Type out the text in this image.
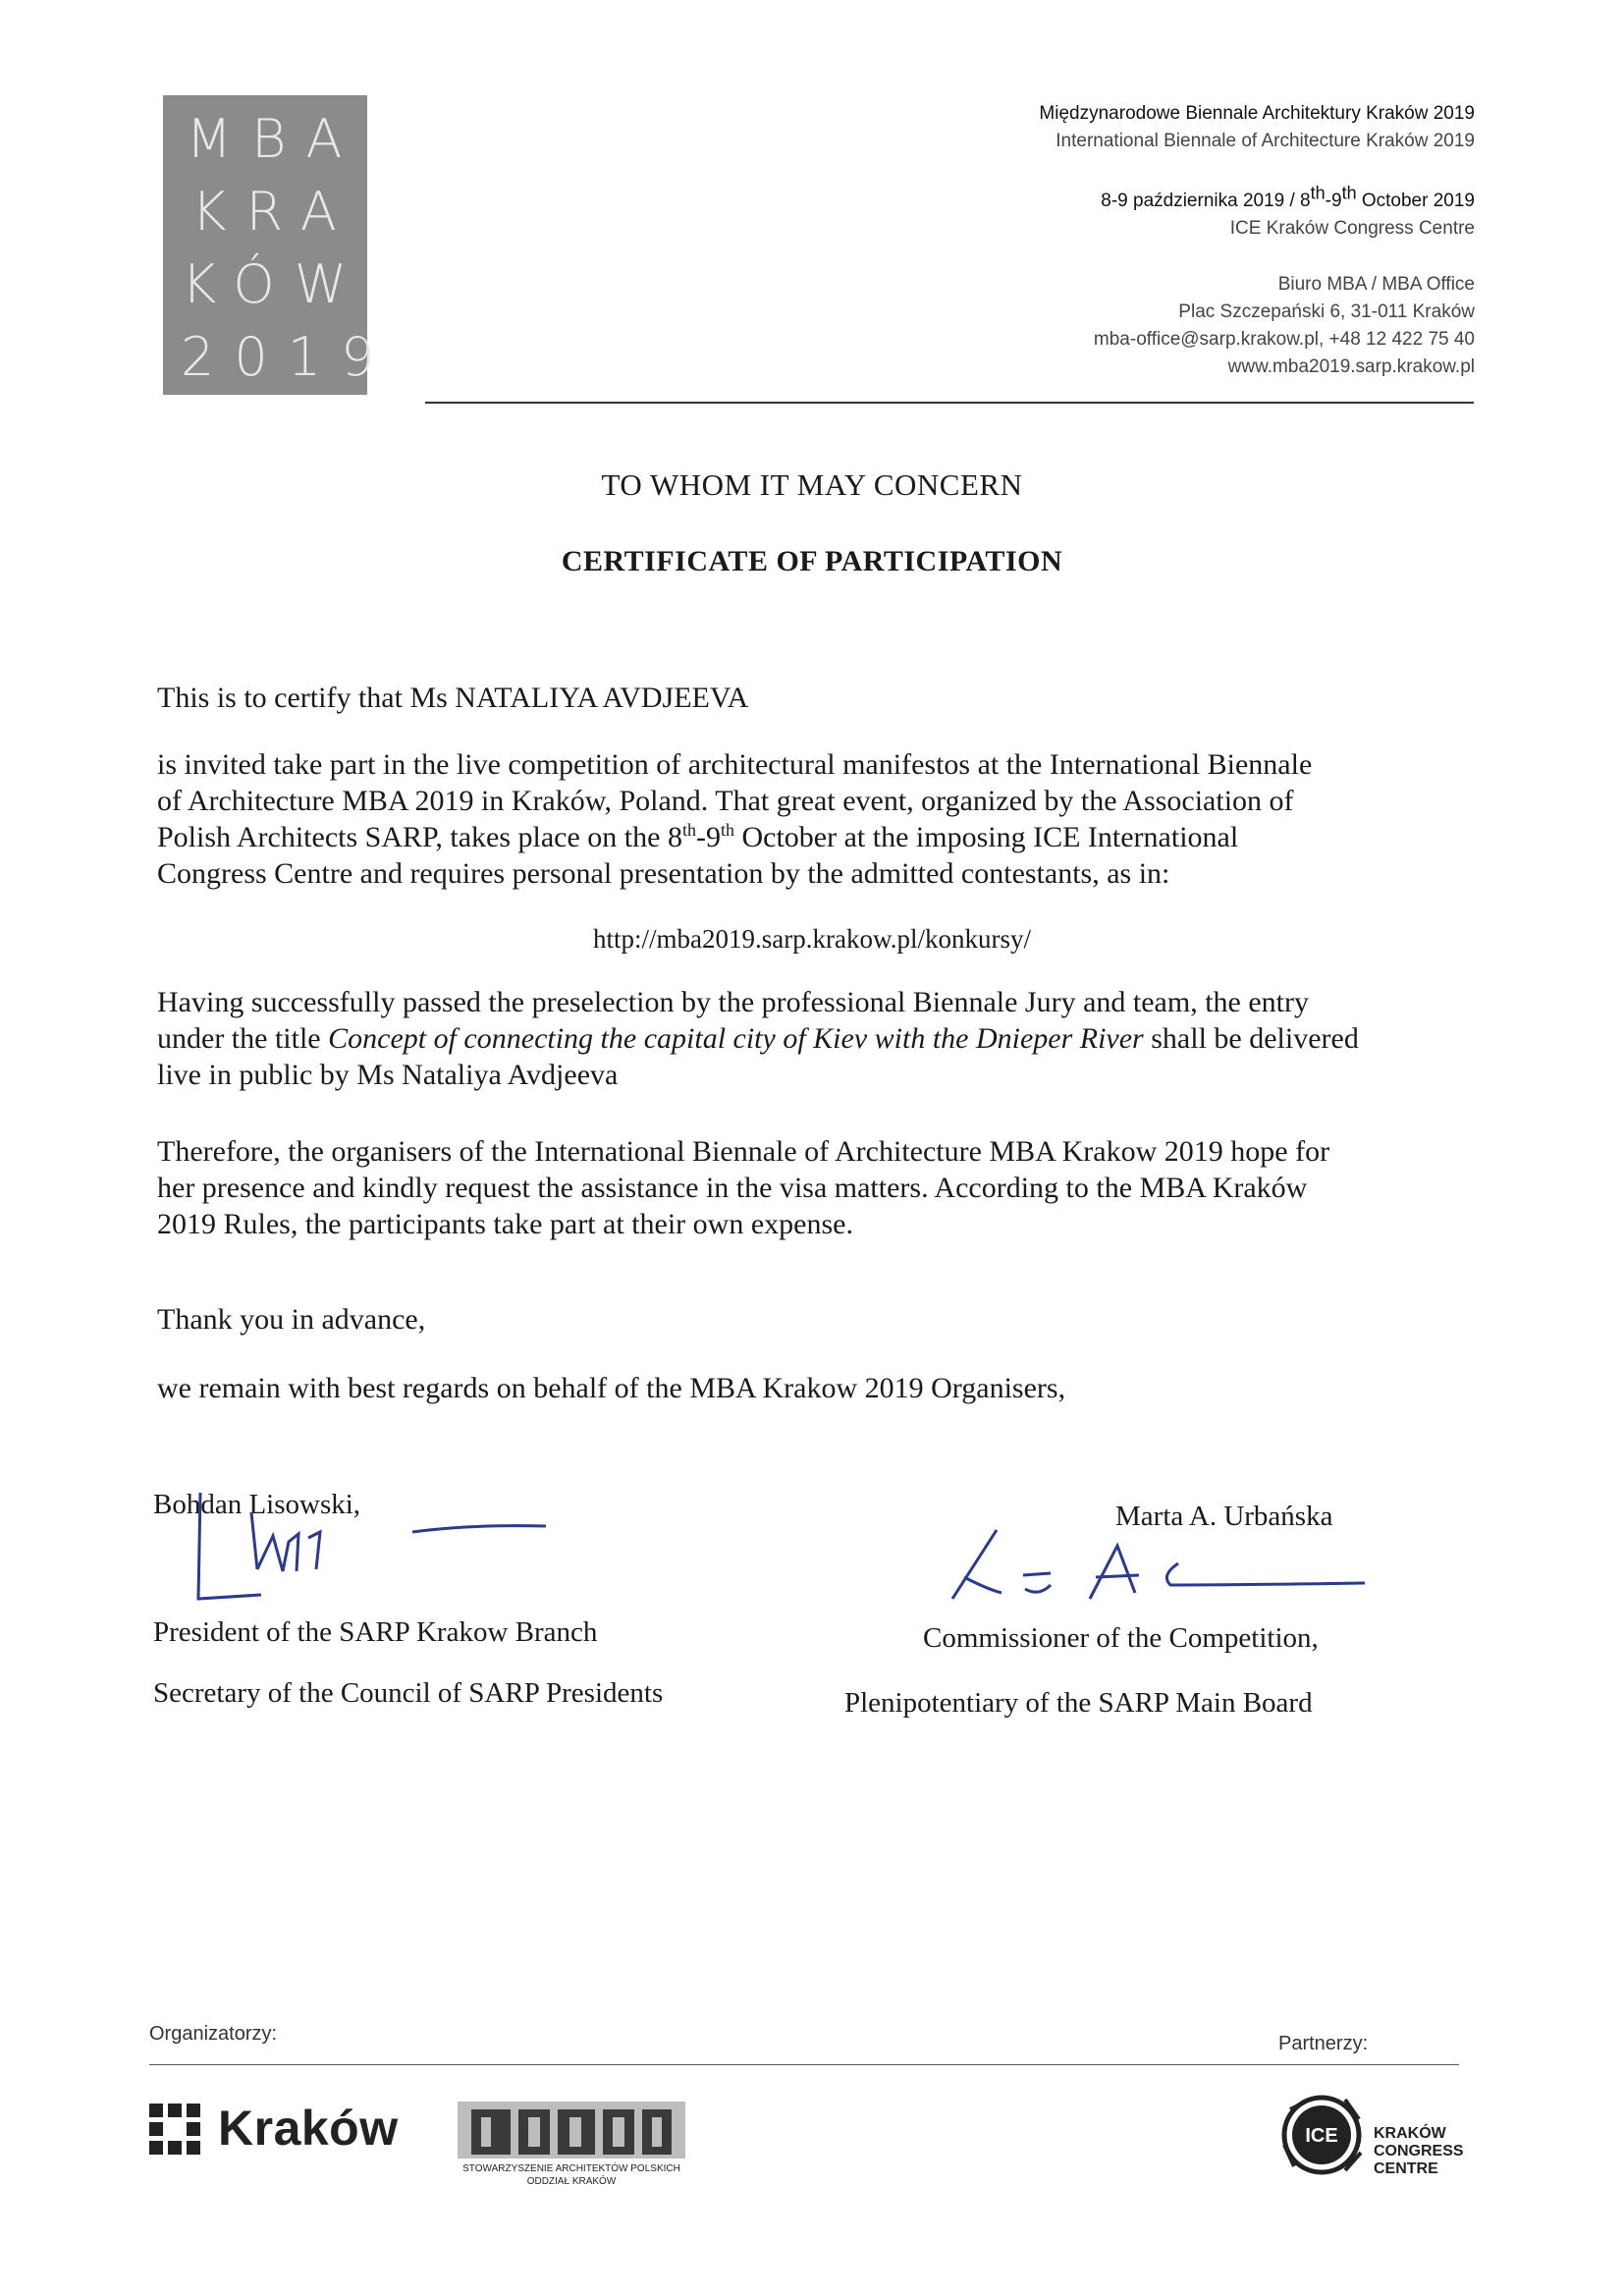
MBA
KRA
KÓW
2019
Międzynarodowe Biennale Architektury Kraków 2019
International Biennale of Architecture Kraków 2019
8-9 października 2019 / 8th-9th October 2019
ICE Kraków Congress Centre
Biuro MBA / MBA Office
Plac Szczepański 6, 31-011 Kraków
mba-office@sarp.krakow.pl, +48 12 422 75 40
www.mba2019.sarp.krakow.pl
TO WHOM IT MAY CONCERN
CERTIFICATE OF PARTICIPATION
This is to certify that Ms NATALIYA AVDJEEVA
is invited take part in the live competition of architectural manifestos at the International Biennale
of Architecture MBA 2019 in Kraków, Poland. That great event, organized by the Association of
Polish Architects SARP, takes place on the 8th-9th October at the imposing ICE International
Congress Centre and requires personal presentation by the admitted contestants, as in:
http://mba2019.sarp.krakow.pl/konkursy/
Having successfully passed the preselection by the professional Biennale Jury and team, the entry
under the title Concept of connecting the capital city of Kiev with the Dnieper River shall be delivered
live in public by Ms Nataliya Avdjeeva
Therefore, the organisers of the International Biennale of Architecture MBA Krakow 2019 hope for
her presence and kindly request the assistance in the visa matters. According to the MBA Kraków
2019 Rules, the participants take part at their own expense.
Thank you in advance,
we remain with best regards on behalf of the MBA Krakow 2019 Organisers,
Bohdan Lisowski,
President of the SARP Krakow Branch
Secretary of the Council of SARP Presidents
Marta A. Urbańska
Commissioner of the Competition,
Plenipotentiary of the SARP Main Board
Organizatorzy:	Partnerzy:
Kraków
STOWARZYSZENIE ARCHITEKTÓW POLSKICH
ODDZIAŁ KRAKÓW
ICE KRAKÓW
CONGRESS
CENTRE
